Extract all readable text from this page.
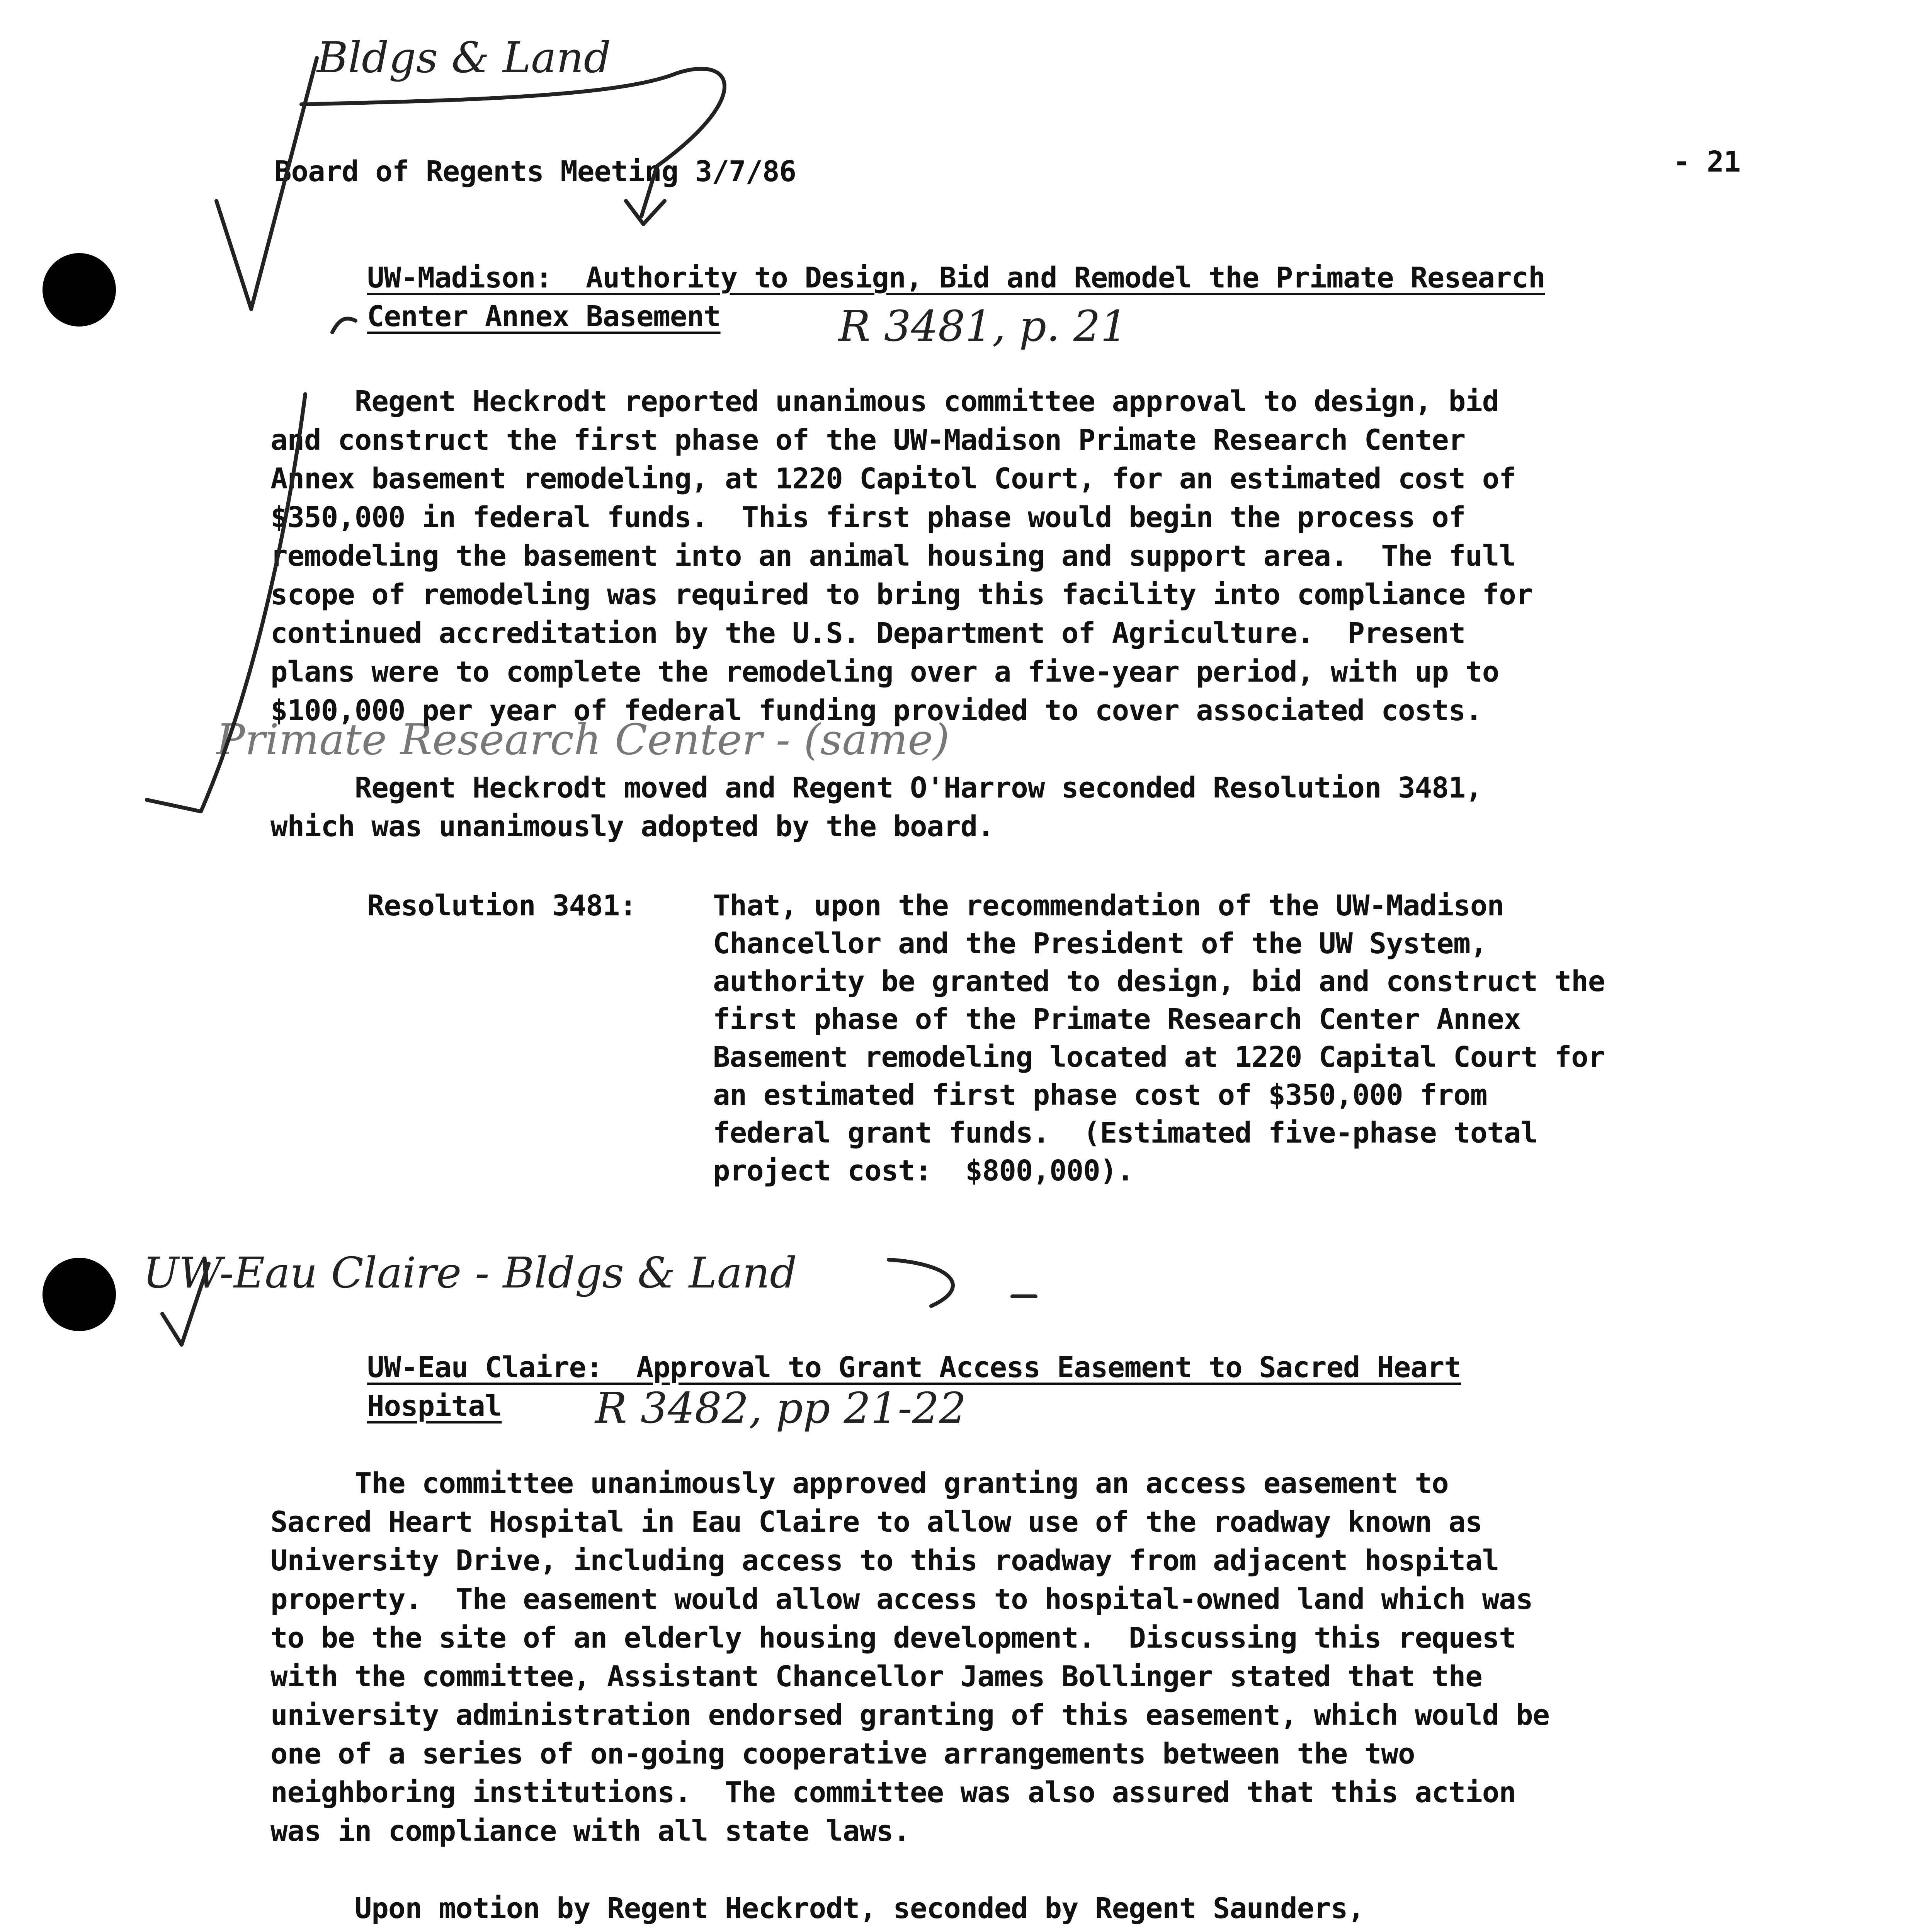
Board of Regents Meeting 3/7/86	- 21
Bldgs & Land
R 3481, p. 21
Primate Research Center - (same)
UW-Eau Claire - Bldgs & Land
R 3482, pp 21-22

UW-Madison:  Authority to Design, Bid and Remodel the Primate Research

Center Annex Basement

Regent Heckrodt reported unanimous committee approval to design, bid

and construct the first phase of the UW-Madison Primate Research Center

Annex basement remodeling, at 1220 Capitol Court, for an estimated cost of

$350,000 in federal funds.  This first phase would begin the process of

remodeling the basement into an animal housing and support area.  The full

scope of remodeling was required to bring this facility into compliance for

continued accreditation by the U.S. Department of Agriculture.  Present

plans were to complete the remodeling over a five-year period, with up to

$100,000 per year of federal funding provided to cover associated costs.

Regent Heckrodt moved and Regent O'Harrow seconded Resolution 3481,

which was unanimously adopted by the board.

Resolution 3481:

	That, upon the recommendation of the UW-Madison

Chancellor and the President of the UW System,

authority be granted to design, bid and construct the

first phase of the Primate Research Center Annex

Basement remodeling located at 1220 Capital Court for

an estimated first phase cost of $350,000 from

federal grant funds.  (Estimated five-phase total

project cost:  $800,000).

UW-Eau Claire:  Approval to Grant Access Easement to Sacred Heart

Hospital

The committee unanimously approved granting an access easement to

Sacred Heart Hospital in Eau Claire to allow use of the roadway known as

University Drive, including access to this roadway from adjacent hospital

property.  The easement would allow access to hospital-owned land which was

to be the site of an elderly housing development.  Discussing this request

with the committee, Assistant Chancellor James Bollinger stated that the

university administration endorsed granting of this easement, which would be

one of a series of on-going cooperative arrangements between the two

neighboring institutions.  The committee was also assured that this action

was in compliance with all state laws.

Upon motion by Regent Heckrodt, seconded by Regent Saunders,
